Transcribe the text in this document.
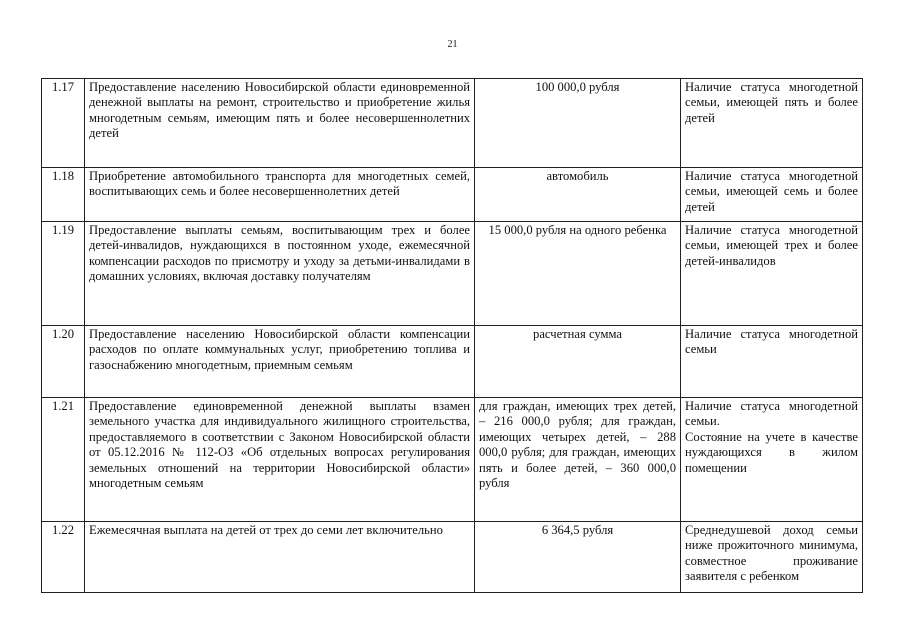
21
1.17	Предоставление населению Новосибирской области единовременной денежной выплаты на ремонт, строительство и приобретение жилья многодетным семьям, имеющим пять и более несовершеннолетних детей	100 000,0 рубля	Наличие статуса многодетной семьи, имеющей пять и более детей
1.18	Приобретение автомобильного транспорта для многодетных семей, воспитывающих семь и более несовершеннолетних детей	автомобиль	Наличие статуса многодетной семьи, имеющей семь и более детей
1.19	Предоставление выплаты семьям, воспитывающим трех и более детей-инвалидов, нуждающихся в постоянном уходе, ежемесячной компенсации расходов по присмотру и уходу за детьми-инвалидами в домашних условиях, включая доставку получателям	15 000,0 рубля на одного ребенка	Наличие статуса многодетной семьи, имеющей трех и более детей-инвалидов
1.20	Предоставление населению Новосибирской области компенсации расходов по оплате коммунальных услуг, приобретению топлива и газоснабжению многодетным, приемным семьям	расчетная сумма	Наличие статуса многодетной семьи
1.21	Предоставление единовременной денежной выплаты взамен земельного участка для индивидуального жилищного строительства, предоставляемого в соответствии с Законом Новосибирской области от 05.12.2016 № 112-ОЗ «Об отдельных вопросах регулирования земельных отношений на территории Новосибирской области» многодетным семьям	для граждан, имеющих трех детей, – 216 000,0 рубля; для граждан, имеющих четырех детей, – 288 000,0 рубля; для граждан, имеющих пять и более детей, – 360 000,0 рубля	Наличие статуса многодетной семьи.
Состояние на учете в качестве нуждающихся в жилом помещении

1.22	Ежемесячная выплата на детей от трех до семи лет включительно	6 364,5 рубля	Среднедушевой доход семьи ниже прожиточного минимума, совместное проживание заявителя с ребенком
